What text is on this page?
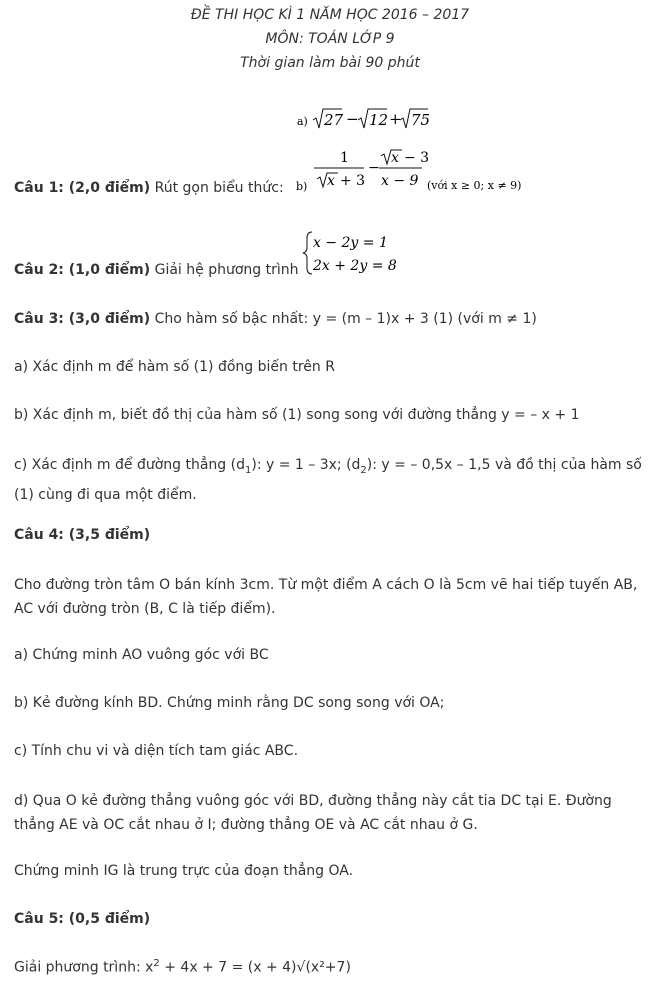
ĐỀ THI HỌC KÌ 1 NĂM HỌC 2016 – 2017
MÔN: TOÁN LỚP 9
Thời gian làm bài 90 phút
a) 27 − 12 + 75
Câu 1: (2,0 điểm) Rút gọn biểu thức: b)
1
x + 3
−
x − 3
x − 9 (với x ≥ 0; x ≠ 9)
Câu 2: (1,0 điểm) Giải hệ phương trình
x − 2y = 1
2x + 2y = 8
Câu 3: (3,0 điểm) Cho hàm số bậc nhất: y = (m – 1)x + 3 (1) (với m ≠ 1)
a) Xác định m để hàm số (1) đồng biến trên R
b) Xác định m, biết đồ thị của hàm số (1) song song với đường thẳng y = – x + 1
c) Xác định m để đường thẳng $(d_1)$: y = 1 – 3x; $(d_2)$: y = – 0,5x – 1,5 và đồ thị của hàm số (1) cùng đi qua một điểm.
Câu 4: (3,5 điểm)
Cho đường tròn tâm O bán kính 3cm. Từ một điểm A cách O là 5cm vẽ hai tiếp tuyến AB, AC với đường tròn (B, C là tiếp điểm).
a) Chứng minh AO vuông góc với BC
b) Kẻ đường kính BD. Chứng minh rằng DC song song với OA;
c) Tính chu vi và diện tích tam giác ABC.
d) Qua O kẻ đường thẳng vuông góc với BD, đường thẳng này cắt tia DC tại E. Đường thẳng AE và OC cắt nhau ở I; đường thẳng OE và AC cắt nhau ở G.
Chứng minh IG là trung trực của đoạn thẳng OA.
Câu 5: (0,5 điểm)
Giải phương trình: $x^2 + 4x + 7 = (x + 4)√(x^2+7)$
